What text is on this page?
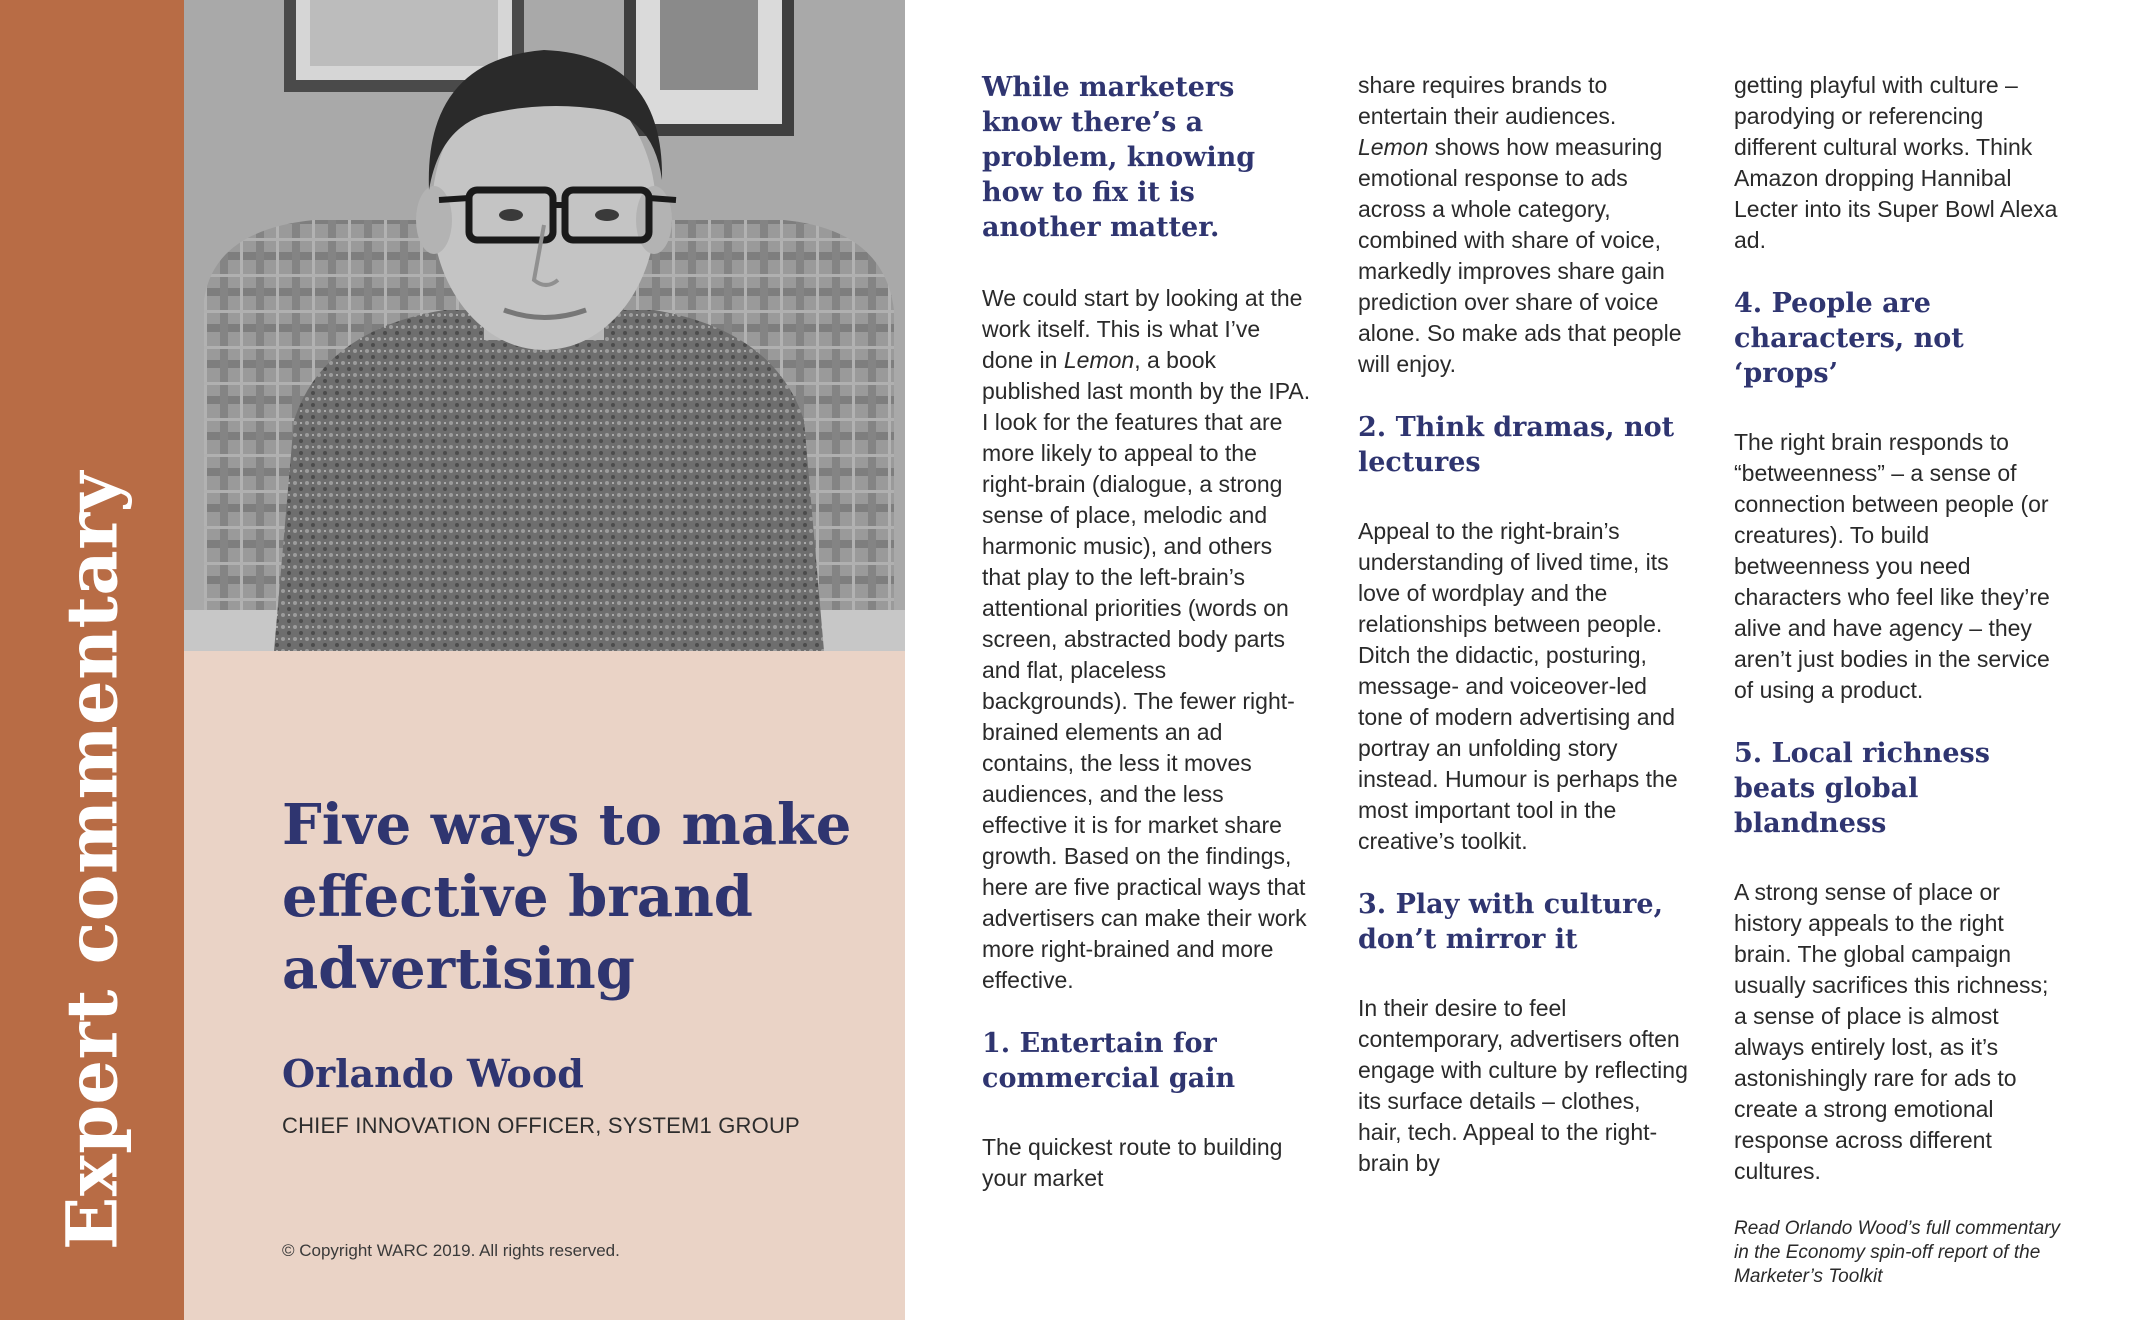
Expert commentary	Five ways to make effective brand advertising

Orlando Wood

CHIEF INNOVATION OFFICER, SYSTEM1 GROUP

© Copyright WARC 2019. All rights reserved.

While marketers know there’s a problem, knowing how to fix it is another matter.

We could start by looking at the work itself. This is what I’ve done in Lemon, a book published last month by the IPA. I look for the features that are more likely to appeal to the right-brain (dialogue, a strong sense of place, melodic and harmonic music), and others that play to the left-brain’s attentional priorities (words on screen, abstracted body parts and flat, placeless backgrounds). The fewer right-brained elements an ad contains, the less it moves audiences, and the less effective it is for market share growth. Based on the findings, here are five practical ways that advertisers can make their work more right-brained and more effective.

1. Entertain for commercial gain

The quickest route to building your market

share requires brands to entertain their audiences. Lemon shows how measuring emotional response to ads across a whole category, combined with share of voice, markedly improves share gain prediction over share of voice alone. So make ads that people will enjoy.

2. Think dramas, not lectures

Appeal to the right-brain’s understanding of lived time, its love of wordplay and the relationships between people. Ditch the didactic, posturing, message- and voiceover-led tone of modern advertising and portray an unfolding story instead. Humour is perhaps the most important tool in the creative’s toolkit.

3. Play with culture, don’t mirror it

In their desire to feel contemporary, advertisers often engage with culture by reflecting its surface details – clothes, hair, tech. Appeal to the right-brain by

getting playful with culture – parodying or referencing different cultural works. Think Amazon dropping Hannibal Lecter into its Super Bowl Alexa ad.

4. People are characters, not ‘props’

The right brain responds to “betweenness” – a sense of connection between people (or creatures). To build betweenness you need characters who feel like they’re alive and have agency – they aren’t just bodies in the service of using a product.

5. Local richness beats global blandness

A strong sense of place or history appeals to the right brain. The global campaign usually sacrifices this richness; a sense of place is almost always entirely lost, as it’s astonishingly rare for ads to create a strong emotional response across different cultures.

Read Orlando Wood’s full commentary in the Economy spin-off report of the Marketer’s Toolkit
